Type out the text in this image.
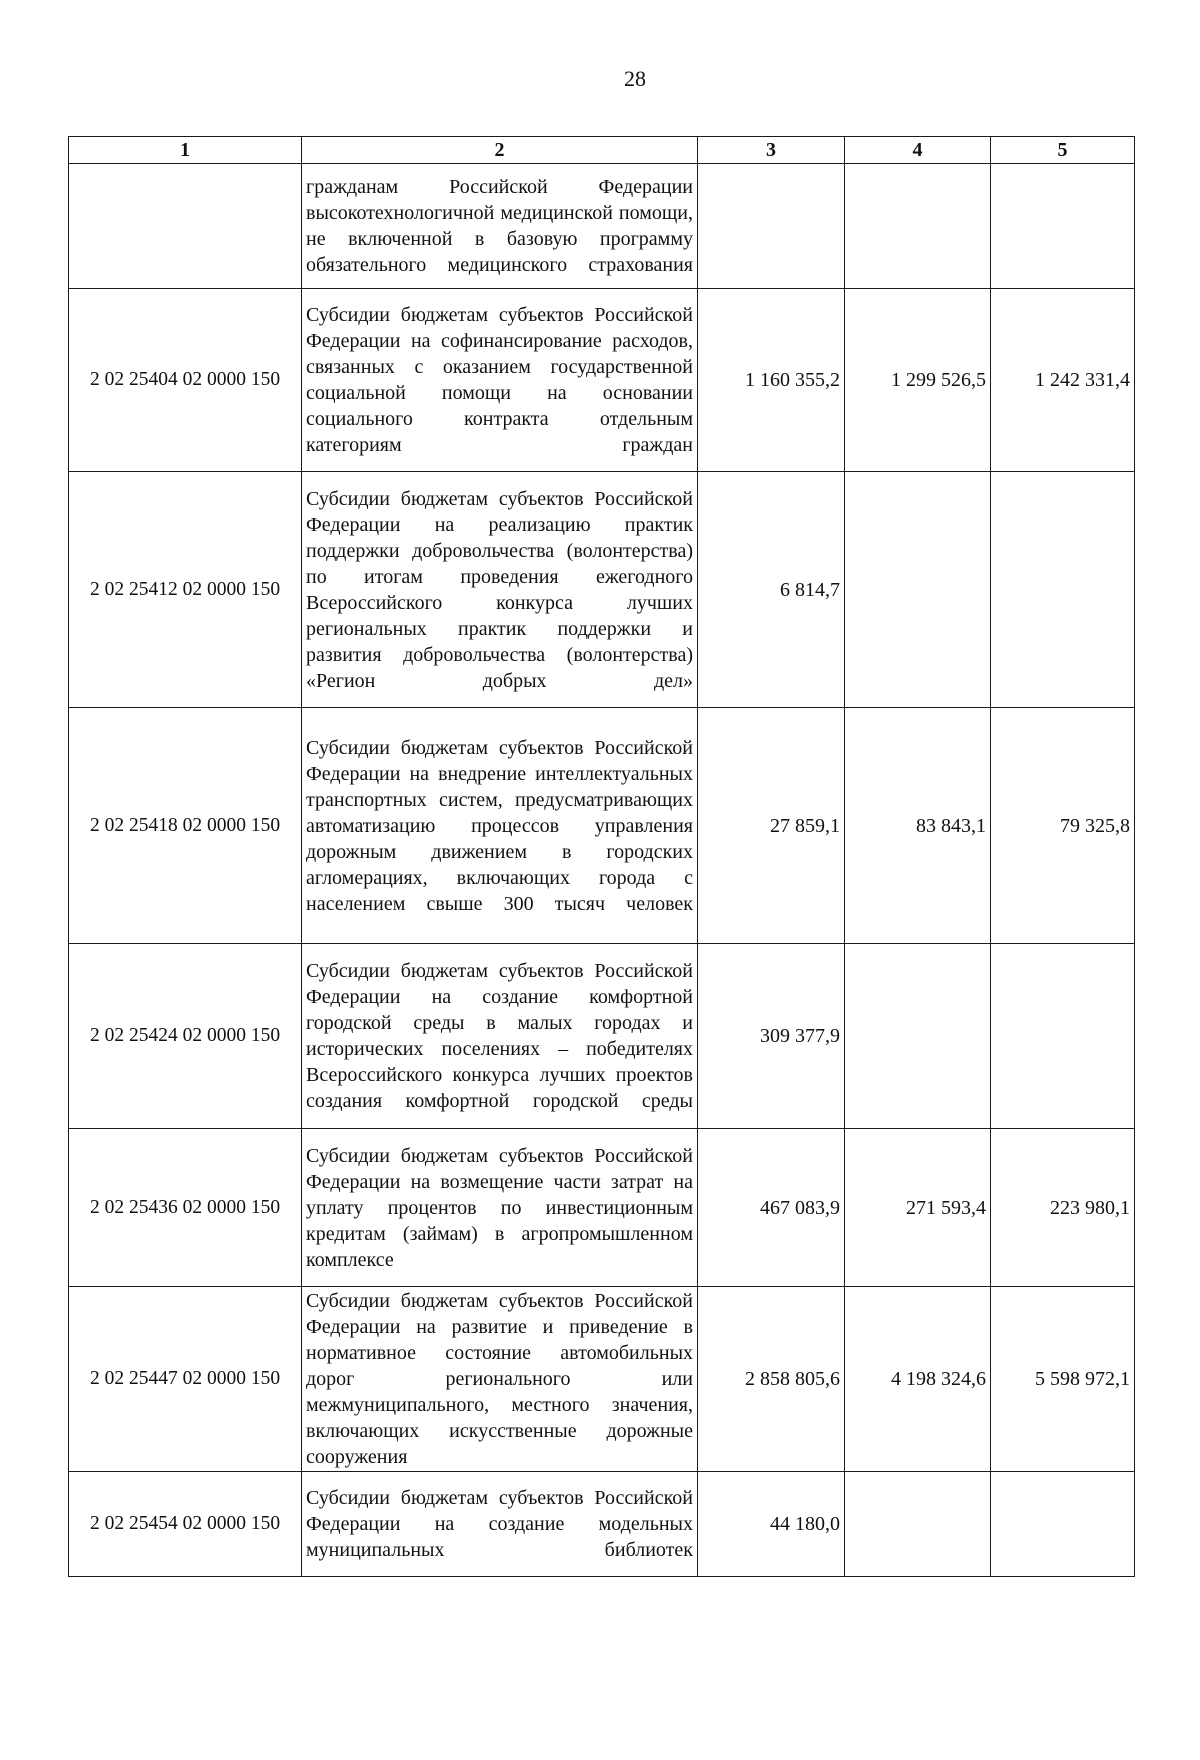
28
1	2	3	4	5
	гражданам Российской Федерации высокотехнологичной медицинской помощи, не включенной в базовую программу обязательного медицинского страхования			
2 02 25404 02 0000 150	Субсидии бюджетам субъектов Российской Федерации на софинансирование расходов, связанных с оказанием государственной социальной помощи на основании социального контракта отдельным категориям граждан	1 160 355,2	1 299 526,5	1 242 331,4
2 02 25412 02 0000 150	Субсидии бюджетам субъектов Российской Федерации на реализацию практик поддержки добровольчества (волонтерства) по итогам проведения ежегодного Всероссийского конкурса лучших региональных практик поддержки и развития добровольчества (волонтерства) «Регион добрых дел»	6 814,7		
2 02 25418 02 0000 150	Субсидии бюджетам субъектов Российской Федерации на внедрение интеллектуальных транспортных систем, предусматривающих автоматизацию процессов управления дорожным движением в городских агломерациях, включающих города с населением свыше 300 тысяч человек	27 859,1	83 843,1	79 325,8
2 02 25424 02 0000 150	Субсидии бюджетам субъектов Российской Федерации на создание комфортной городской среды в малых городах и исторических поселениях – победителях Всероссийского конкурса лучших проектов создания комфортной городской среды	309 377,9		
2 02 25436 02 0000 150	Субсидии бюджетам субъектов Российской Федерации на возмещение части затрат на уплату процентов по инвестиционным кредитам (займам) в агропромышленном комплексе	467 083,9	271 593,4	223 980,1
2 02 25447 02 0000 150	Субсидии бюджетам субъектов Российской Федерации на развитие и приведение в нормативное состояние автомобильных дорог регионального или межмуниципального, местного значения, включающих искусственные дорожные сооружения	2 858 805,6	4 198 324,6	5 598 972,1
2 02 25454 02 0000 150	Субсидии бюджетам субъектов Российской Федерации на создание модельных муниципальных библиотек	44 180,0		
